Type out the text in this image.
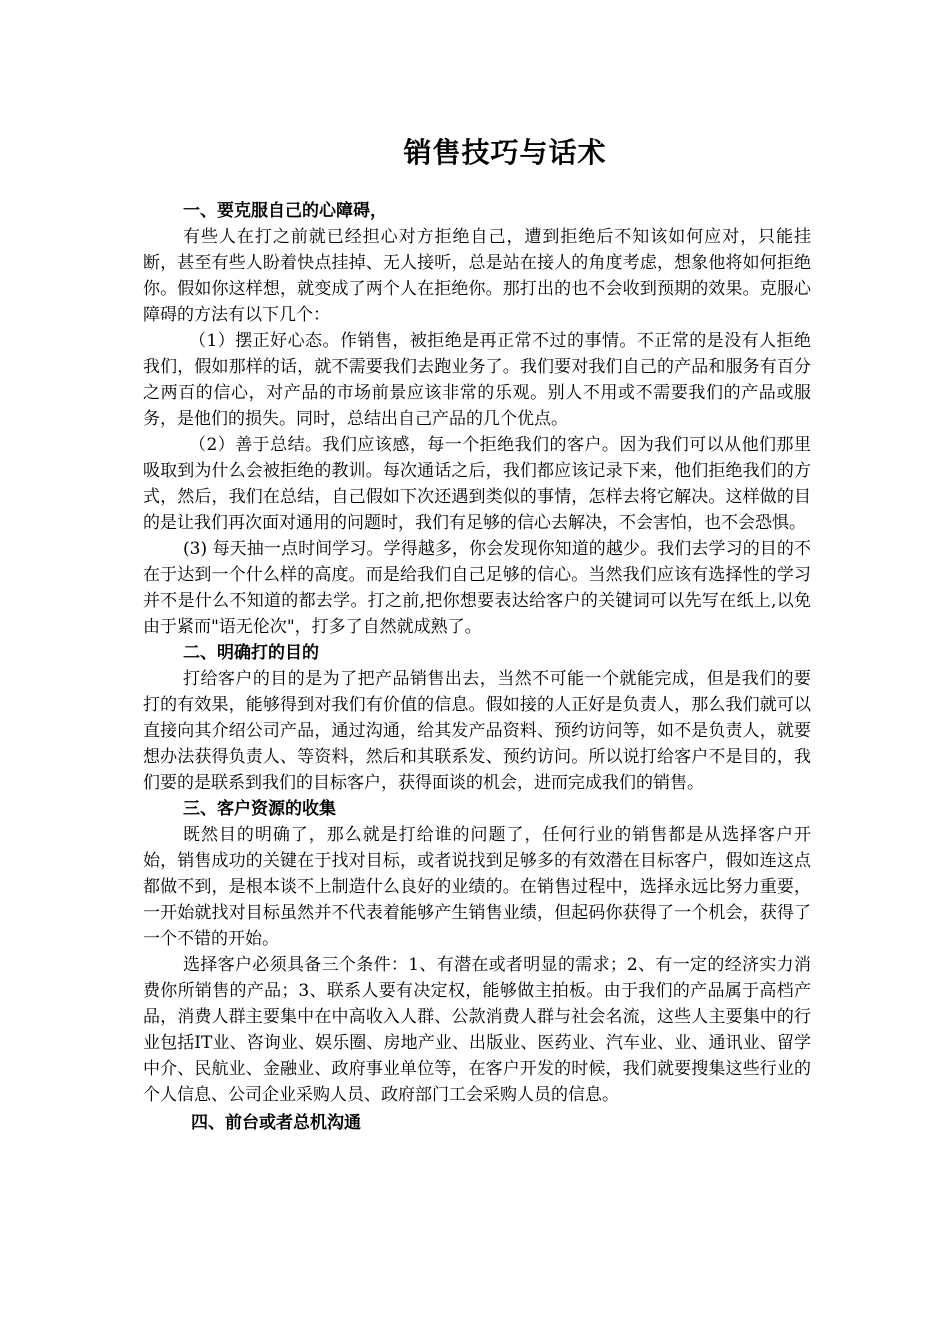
销售技巧与话术
一、要克服自己的心障碍，

有些人在打之前就已经担心对方拒绝自己，遭到拒绝后不知该如何应对，只能挂断，甚至有些人盼着快点挂掉、无人接听，总是站在接人的角度考虑，想象他将如何拒绝你。假如你这样想，就变成了两个人在拒绝你。那打出的也不会收到预期的效果。克服心障碍的方法有以下几个：

（1）摆正好心态。作销售，被拒绝是再正常不过的事情。不正常的是没有人拒绝我们，假如那样的话，就不需要我们去跑业务了。我们要对我们自己的产品和服务有百分之两百的信心，对产品的市场前景应该非常的乐观。别人不用或不需要我们的产品或服务，是他们的损失。同时，总结出自己产品的几个优点。

（2）善于总结。我们应该感，每一个拒绝我们的客户。因为我们可以从他们那里吸取到为什么会被拒绝的教训。每次通话之后，我们都应该记录下来，他们拒绝我们的方式，然后，我们在总结，自己假如下次还遇到类似的事情，怎样去将它解决。这样做的目的是让我们再次面对通用的问题时，我们有足够的信心去解决，不会害怕，也不会恐惧。

(3) 每天抽一点时间学习。学得越多，你会发现你知道的越少。我们去学习的目的不在于达到一个什么样的高度。而是给我们自己足够的信心。当然我们应该有选择性的学习并不是什么不知道的都去学。打之前,把你想要表达给客户的关键词可以先写在纸上,以免由于紧而"语无伦次"，打多了自然就成熟了。

二、明确打的目的

打给客户的目的是为了把产品销售出去，当然不可能一个就能完成，但是我们的要打的有效果，能够得到对我们有价值的信息。假如接的人正好是负责人，那么我们就可以直接向其介绍公司产品，通过沟通，给其发产品资料、预约访问等，如不是负责人，就要想办法获得负责人、等资料，然后和其联系发、预约访问。所以说打给客户不是目的，我们要的是联系到我们的目标客户，获得面谈的机会，进而完成我们的销售。

三、客户资源的收集

既然目的明确了，那么就是打给谁的问题了，任何行业的销售都是从选择客户开始，销售成功的关键在于找对目标，或者说找到足够多的有效潜在目标客户，假如连这点都做不到，是根本谈不上制造什么良好的业绩的。在销售过程中，选择永远比努力重要，一开始就找对目标虽然并不代表着能够产生销售业绩，但起码你获得了一个机会，获得了一个不错的开始。

选择客户必须具备三个条件：1、有潜在或者明显的需求；2、有一定的经济实力消费你所销售的产品；3、联系人要有决定权，能够做主拍板。由于我们的产品属于高档产品，消费人群主要集中在中高收入人群、公款消费人群与社会名流，这些人主要集中的行业包括IT业、咨询业、娱乐圈、房地产业、出版业、医药业、汽车业、业、通讯业、留学中介、民航业、金融业、政府事业单位等，在客户开发的时候，我们就要搜集这些行业的个人信息、公司企业采购人员、政府部门工会采购人员的信息。

四、前台或者总机沟通
